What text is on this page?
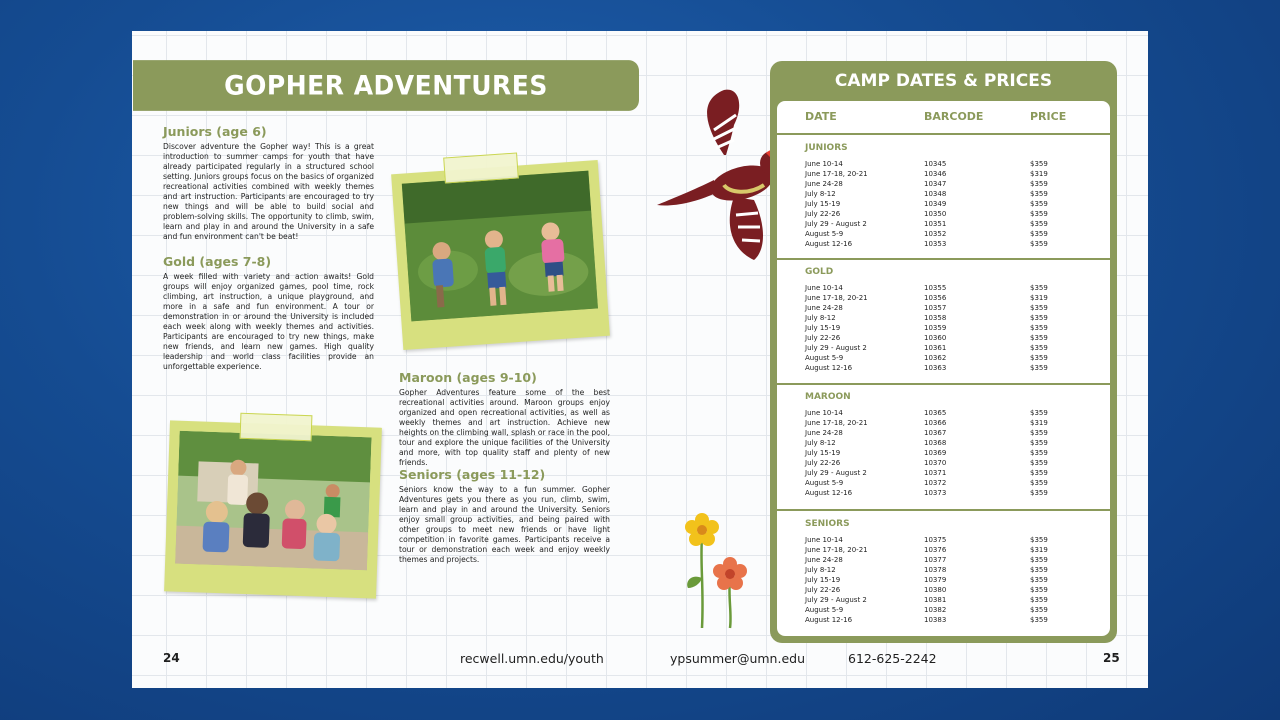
GOPHER ADVENTURES
Juniors (age 6)

Discover adventure the Gopher way! This is a great introduction to summer camps for youth that have already participated regularly in a structured school setting. Juniors groups focus on the basics of organized recreational activities combined with weekly themes and art instruction. Participants are encouraged to try new things and will be able to build social and problem-solving skills. The opportunity to climb, swim, learn and play in and around the University in a safe and fun environment can't be beat!

Gold (ages 7-8)

A week filled with variety and action awaits! Gold groups will enjoy organized games, pool time, rock climbing, art instruction, a unique playground, and more in a safe and fun environment. A tour or demonstration in or around the University is included each week along with weekly themes and activities. Participants are encouraged to try new things, make new friends, and learn new games. High quality leadership and world class facilities provide an unforgettable experience.

Maroon (ages 9-10)

Gopher Adventures feature some of the best recreational activities around. Maroon groups enjoy organized and open recreational activities, as well as weekly themes and art instruction. Achieve new heights on the climbing wall, splash or race in the pool, tour and explore the unique facilities of the University and more, with top quality staff and plenty of new friends.

Seniors (ages 11-12)

Seniors know the way to a fun summer. Gopher Adventures gets you there as you run, climb, swim, learn and play in and around the University. Seniors enjoy small group activities, and being paired with other groups to meet new friends or have light competition in favorite games. Participants receive a tour or demonstration each week and enjoy weekly themes and projects.

CAMP DATES & PRICES
DATE	BARCODE	PRICE
JUNIORS
June 10-14	10345	$359
June 17-18, 20-21	10346	$319
June 24-28	10347	$359
July 8-12	10348	$359
July 15-19	10349	$359
July 22-26	10350	$359
July 29 - August 2	10351	$359
August 5-9	10352	$359
August 12-16	10353	$359
GOLD
June 10-14	10355	$359
June 17-18, 20-21	10356	$319
June 24-28	10357	$359
July 8-12	10358	$359
July 15-19	10359	$359
July 22-26	10360	$359
July 29 - August 2	10361	$359
August 5-9	10362	$359
August 12-16	10363	$359
MAROON
June 10-14	10365	$359
June 17-18, 20-21	10366	$319
June 24-28	10367	$359
July 8-12	10368	$359
July 15-19	10369	$359
July 22-26	10370	$359
July 29 - August 2	10371	$359
August 5-9	10372	$359
August 12-16	10373	$359
SENIORS
June 10-14	10375	$359
June 17-18, 20-21	10376	$319
June 24-28	10377	$359
July 8-12	10378	$359
July 15-19	10379	$359
July 22-26	10380	$359
July 29 - August 2	10381	$359
August 5-9	10382	$359
August 12-16	10383	$359
24	recwell.umn.edu/youth	ypsummer@umn.edu	612-625-2242	25
